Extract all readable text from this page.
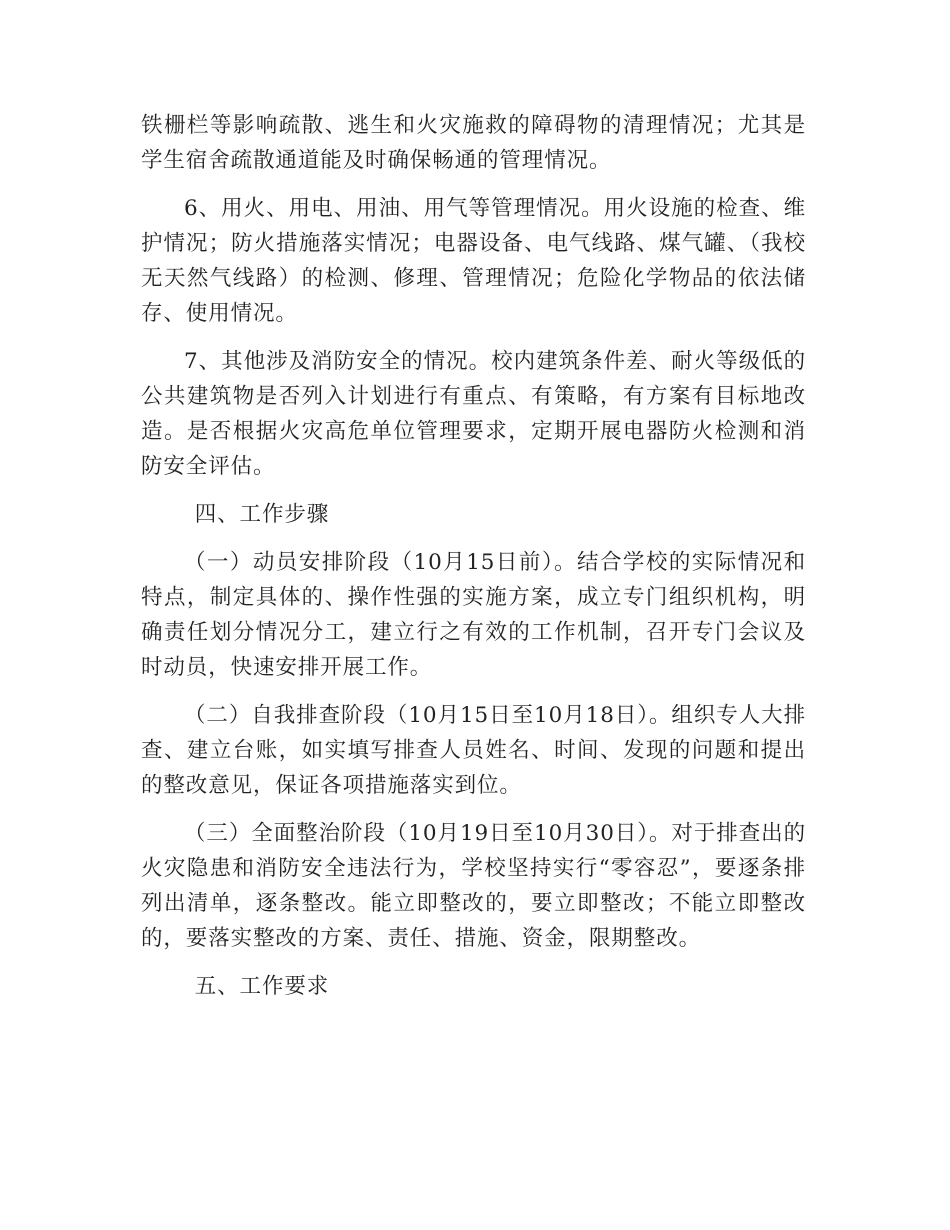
铁栅栏等影响疏散、逃生和火灾施救的障碍物的清理情况；尤其是学生宿舍疏散通道能及时确保畅通的管理情况。

6、用火、用电、用油、用气等管理情况。用火设施的检查、维护情况；防火措施落实情况；电器设备、电气线路、煤气罐、（我校无天然气线路）的检测、修理、管理情况；危险化学物品的依法储存、使用情况。

7、其他涉及消防安全的情况。校内建筑条件差、耐火等级低的公共建筑物是否列入计划进行有重点、有策略，有方案有目标地改造。是否根据火灾高危单位管理要求，定期开展电器防火检测和消防安全评估。

四、工作步骤

（一）动员安排阶段（10月15日前）。结合学校的实际情况和特点，制定具体的、操作性强的实施方案，成立专门组织机构，明确责任划分情况分工，建立行之有效的工作机制，召开专门会议及时动员，快速安排开展工作。

（二）自我排查阶段（10月15日至10月18日）。组织专人大排查、建立台账，如实填写排查人员姓名、时间、发现的问题和提出的整改意见，保证各项措施落实到位。

（三）全面整治阶段（10月19日至10月30日）。对于排查出的火灾隐患和消防安全违法行为，学校坚持实行“零容忍”，要逐条排列出清单，逐条整改。能立即整改的，要立即整改；不能立即整改的，要落实整改的方案、责任、措施、资金，限期整改。

五、工作要求
